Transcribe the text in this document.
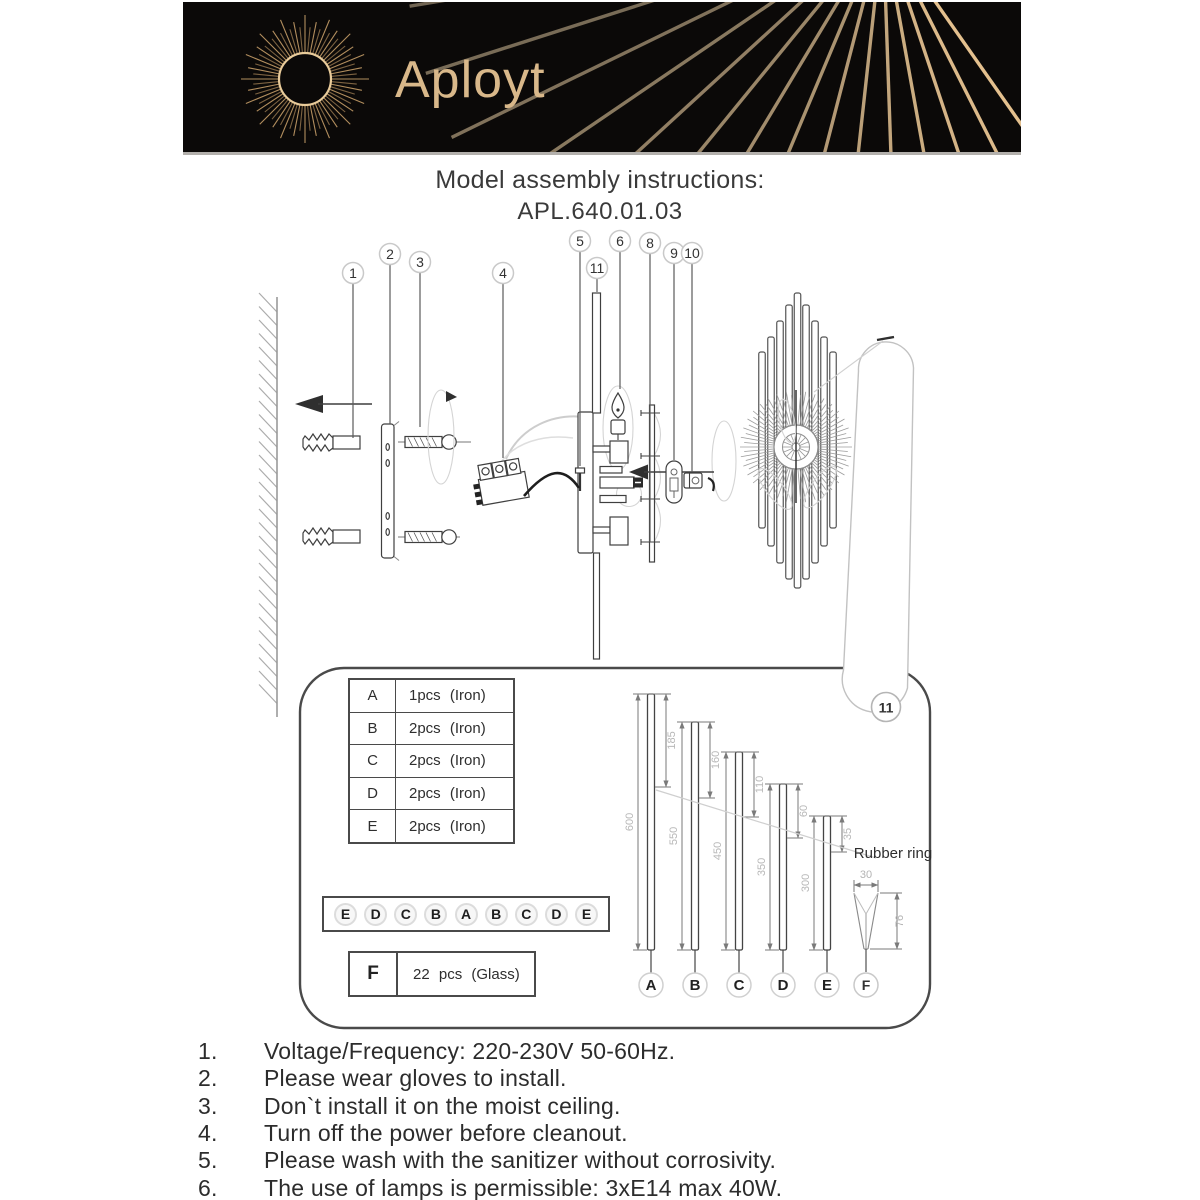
Aployt
Model assembly instructions:
APL.640.01.03
1
2 3
4
5 6 8
9 10
11
11
600
185
A
550
160
B
450
110
C
350
60
D
300
35
E
Rubber ring
30
76
F
A	1pcs (Iron)
B	2pcs (Iron)
C	2pcs (Iron)
D	2pcs (Iron)
E	2pcs (Iron)
E	D	C	B	A	B	C	D	E
F	22 pcs (Glass)
1.	Voltage/Frequency: 220-230V 50-60Hz.
2.	Please wear gloves to install.
3.	Don`t install it on the moist ceiling.
4.	Turn off the power before cleanout.
5.	Please wash with the sanitizer without corrosivity.
6.	The use of lamps is permissible: 3xE14 max 40W.
